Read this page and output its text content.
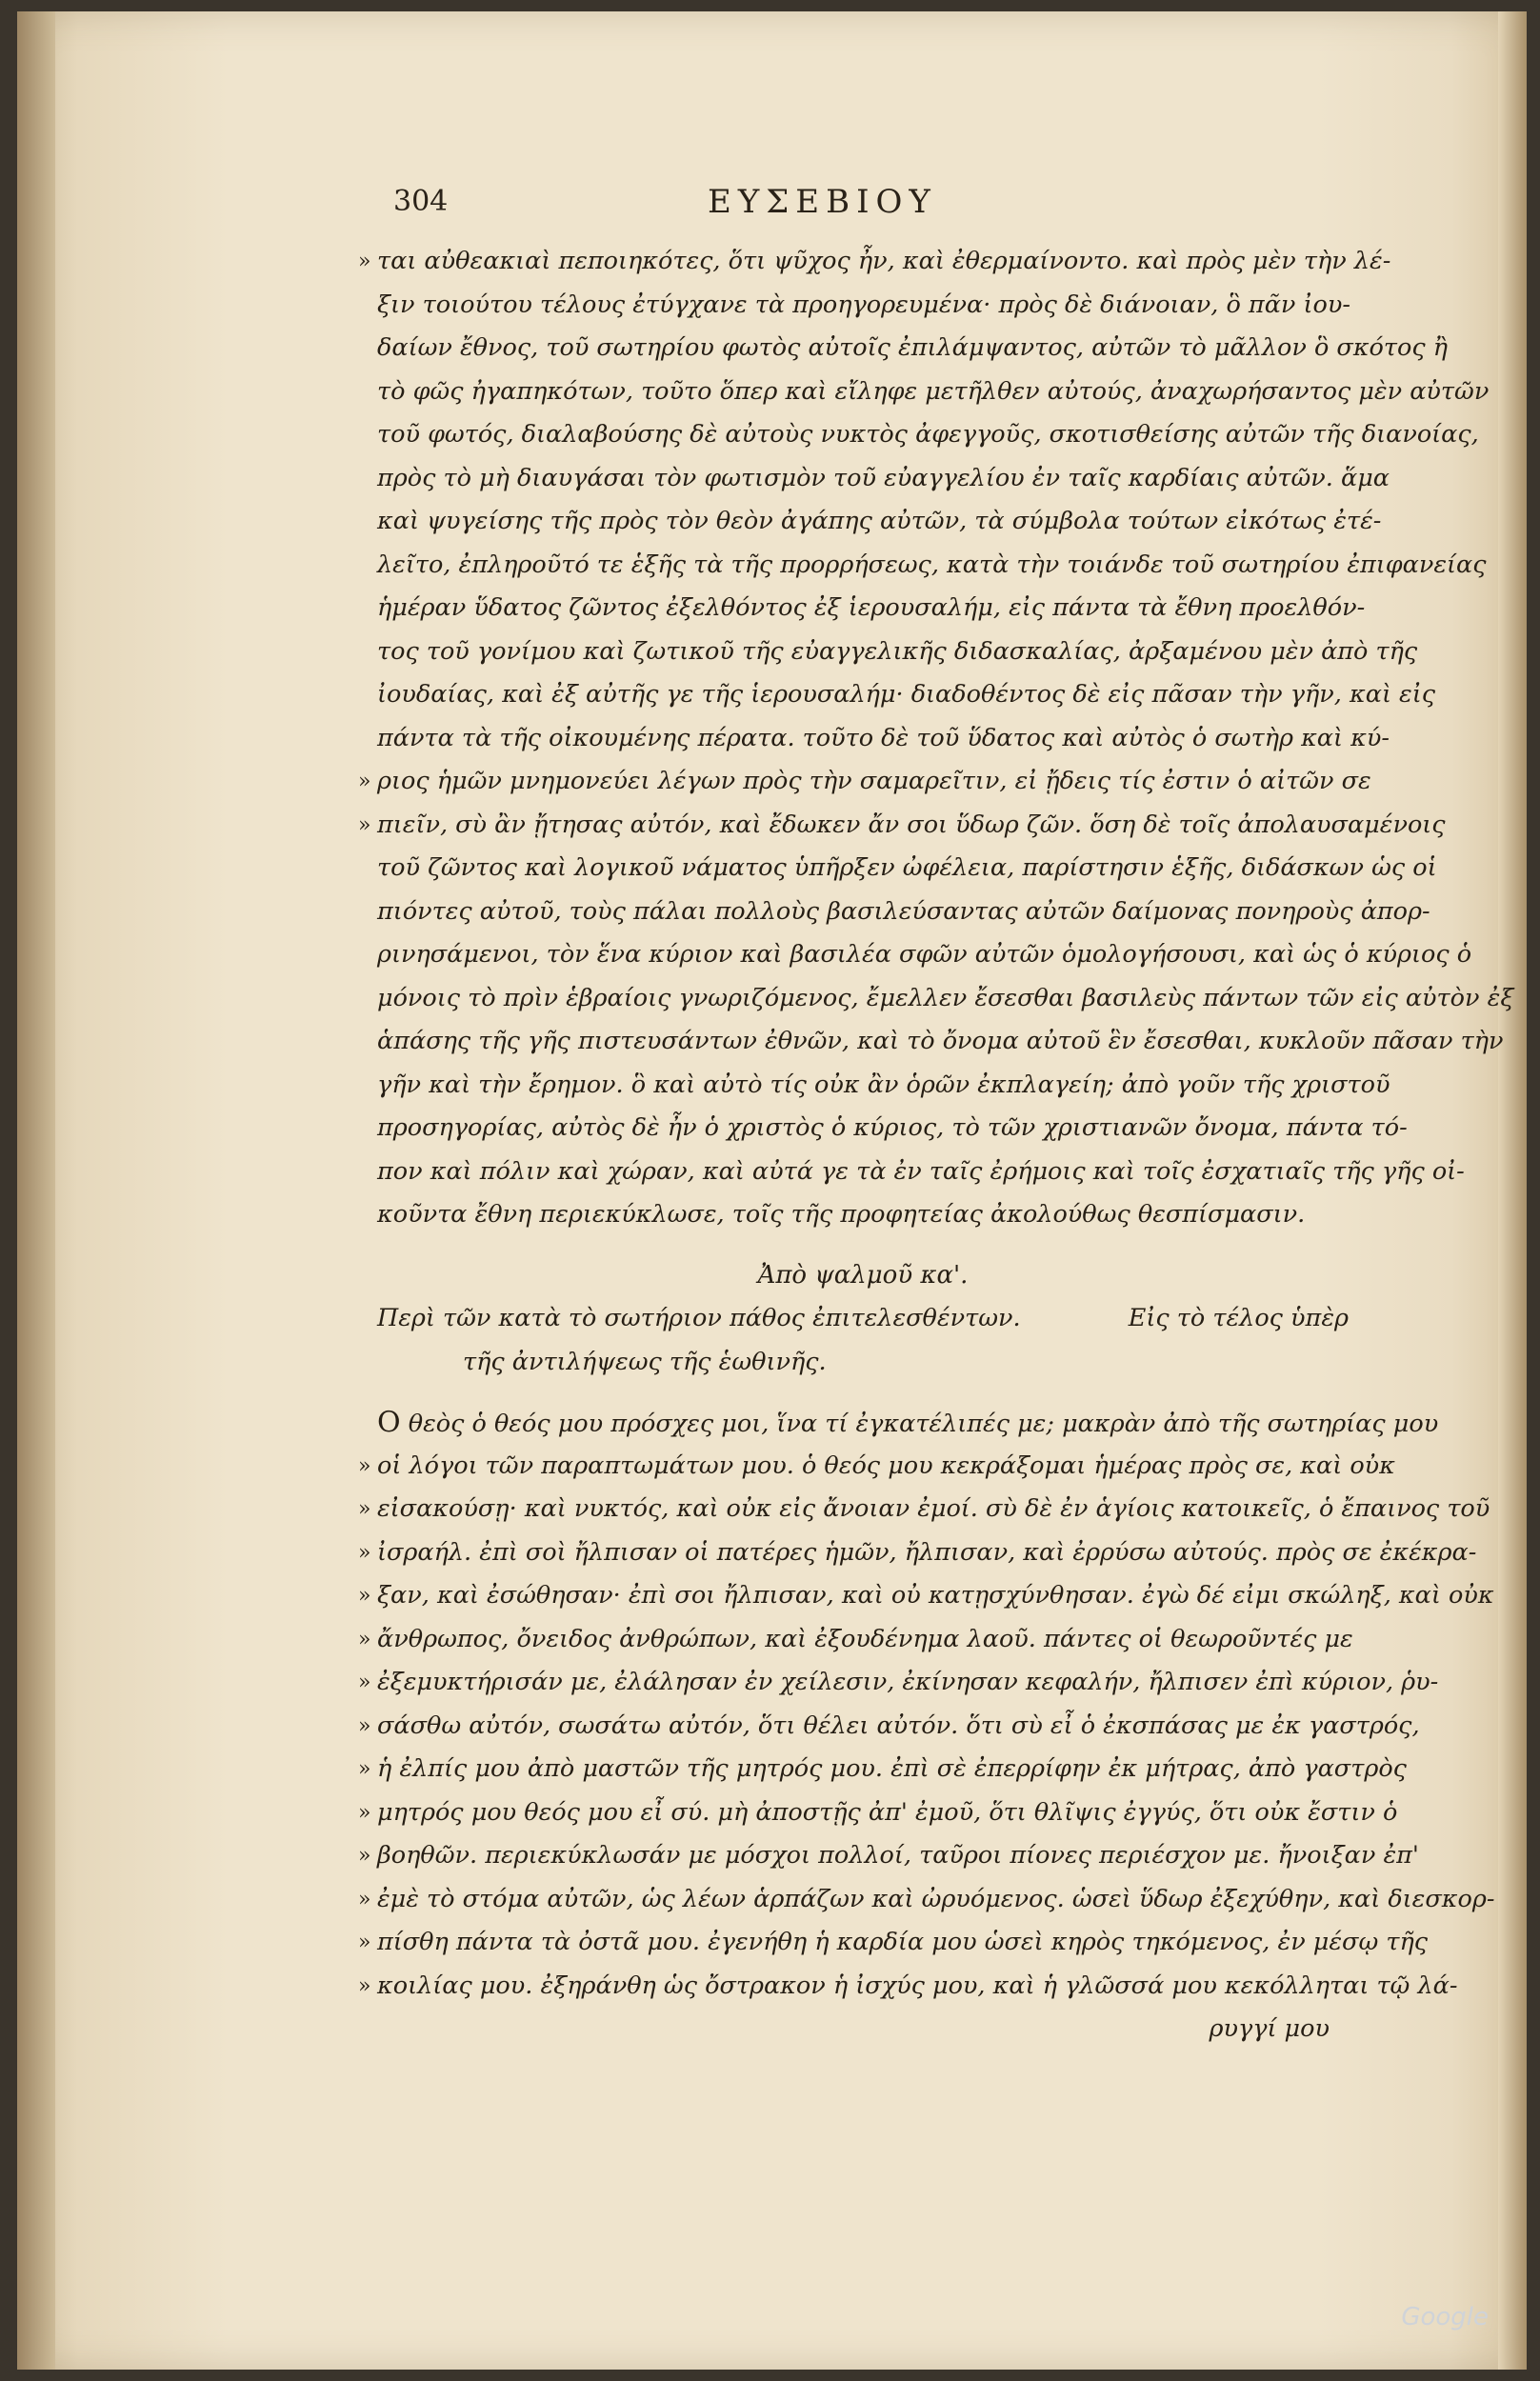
304	ΕΥΣΕΒΙΟΥ
» ται αὐθεακιαὶ πεποιηκότες, ὅτι ψῦχος ἦν, καὶ ἐθερμαίνοντο. καὶ πρὸς μὲν τὴν λέ-
ξιν τοιούτου τέλους ἐτύγχανε τὰ προηγορευμένα· πρὸς δὲ διάνοιαν, ὃ πᾶν ἰου-
δαίων ἔθνος, τοῦ σωτηρίου φωτὸς αὐτοῖς ἐπιλάμψαντος, αὐτῶν τὸ μᾶλλον ὃ σκότος ἢ
τὸ φῶς ἠγαπηκότων, τοῦτο ὅπερ καὶ εἴληφε μετῆλθεν αὐτούς, ἀναχωρήσαντος μὲν αὐτῶν
τοῦ φωτός, διαλαβούσης δὲ αὐτοὺς νυκτὸς ἀφεγγοῦς, σκοτισθείσης αὐτῶν τῆς διανοίας,
πρὸς τὸ μὴ διαυγάσαι τὸν φωτισμὸν τοῦ εὐαγγελίου ἐν ταῖς καρδίαις αὐτῶν. ἅμα
καὶ ψυγείσης τῆς πρὸς τὸν θεὸν ἀγάπης αὐτῶν, τὰ σύμβολα τούτων εἰκότως ἐτέ-
λεῖτο, ἐπληροῦτό τε ἑξῆς τὰ τῆς προρρήσεως, κατὰ τὴν τοιάνδε τοῦ σωτηρίου ἐπιφανείας
ἡμέραν ὕδατος ζῶντος ἐξελθόντος ἐξ ἱερουσαλήμ, εἰς πάντα τὰ ἔθνη προελθόν-
τος τοῦ γονίμου καὶ ζωτικοῦ τῆς εὐαγγελικῆς διδασκαλίας, ἀρξαμένου μὲν ἀπὸ τῆς
ἰουδαίας, καὶ ἐξ αὐτῆς γε τῆς ἱερουσαλήμ· διαδοθέντος δὲ εἰς πᾶσαν τὴν γῆν, καὶ εἰς
πάντα τὰ τῆς οἰκουμένης πέρατα. τοῦτο δὲ τοῦ ὕδατος καὶ αὐτὸς ὁ σωτὴρ καὶ κύ-
» ριος ἡμῶν μνημονεύει λέγων πρὸς τὴν σαμαρεῖτιν, εἰ ᾔδεις τίς ἐστιν ὁ αἰτῶν σε
» πιεῖν, σὺ ἂν ᾔτησας αὐτόν, καὶ ἔδωκεν ἄν σοι ὕδωρ ζῶν. ὅση δὲ τοῖς ἀπολαυσαμένοις
τοῦ ζῶντος καὶ λογικοῦ νάματος ὑπῆρξεν ὠφέλεια, παρίστησιν ἑξῆς, διδάσκων ὡς οἱ
πιόντες αὐτοῦ, τοὺς πάλαι πολλοὺς βασιλεύσαντας αὐτῶν δαίμονας πονηροὺς ἀπορ-
ρινησάμενοι, τὸν ἕνα κύριον καὶ βασιλέα σφῶν αὐτῶν ὁμολογήσουσι, καὶ ὡς ὁ κύριος ὁ
μόνοις τὸ πρὶν ἑβραίοις γνωριζόμενος, ἔμελλεν ἔσεσθαι βασιλεὺς πάντων τῶν εἰς αὐτὸν ἐξ
ἁπάσης τῆς γῆς πιστευσάντων ἐθνῶν, καὶ τὸ ὄνομα αὐτοῦ ἓν ἔσεσθαι, κυκλοῦν πᾶσαν τὴν
γῆν καὶ τὴν ἔρημον. ὃ καὶ αὐτὸ τίς οὐκ ἂν ὁρῶν ἐκπλαγείη; ἀπὸ γοῦν τῆς χριστοῦ
προσηγορίας, αὐτὸς δὲ ἦν ὁ χριστὸς ὁ κύριος, τὸ τῶν χριστιανῶν ὄνομα, πάντα τό-
πον καὶ πόλιν καὶ χώραν, καὶ αὐτά γε τὰ ἐν ταῖς ἐρήμοις καὶ τοῖς ἐσχατιαῖς τῆς γῆς οἰ-
κοῦντα ἔθνη περιεκύκλωσε, τοῖς τῆς προφητείας ἀκολούθως θεσπίσμασιν.
Ἀπὸ ψαλμοῦ κα'.
Περὶ τῶν κατὰ τὸ σωτήριον πάθος ἐπιτελεσθέντων.	Εἰς τὸ τέλος ὑπὲρ
τῆς ἀντιλήψεως τῆς ἑωθινῆς.
Ο θεὸς ὁ θεός μου πρόσχες μοι, ἵνα τί ἐγκατέλιπές με; μακρὰν ἀπὸ τῆς σωτηρίας μου
» οἱ λόγοι τῶν παραπτωμάτων μου. ὁ θεός μου κεκράξομαι ἡμέρας πρὸς σε, καὶ οὐκ
» εἰσακούσῃ· καὶ νυκτός, καὶ οὐκ εἰς ἄνοιαν ἐμοί. σὺ δὲ ἐν ἁγίοις κατοικεῖς, ὁ ἔπαινος τοῦ
» ἰσραήλ. ἐπὶ σοὶ ἤλπισαν οἱ πατέρες ἡμῶν, ἤλπισαν, καὶ ἐρρύσω αὐτούς. πρὸς σε ἐκέκρα-
» ξαν, καὶ ἐσώθησαν· ἐπὶ σοι ἤλπισαν, καὶ οὐ κατῃσχύνθησαν. ἐγὼ δέ εἰμι σκώληξ, καὶ οὐκ
» ἄνθρωπος, ὄνειδος ἀνθρώπων, καὶ ἐξουδένημα λαοῦ. πάντες οἱ θεωροῦντές με
» ἐξεμυκτήρισάν με, ἐλάλησαν ἐν χείλεσιν, ἐκίνησαν κεφαλήν, ἤλπισεν ἐπὶ κύριον, ῥυ-
» σάσθω αὐτόν, σωσάτω αὐτόν, ὅτι θέλει αὐτόν. ὅτι σὺ εἶ ὁ ἐκσπάσας με ἐκ γαστρός,
» ἡ ἐλπίς μου ἀπὸ μαστῶν τῆς μητρός μου. ἐπὶ σὲ ἐπερρίφην ἐκ μήτρας, ἀπὸ γαστρὸς
» μητρός μου θεός μου εἶ σύ. μὴ ἀποστῇς ἀπ' ἐμοῦ, ὅτι θλῖψις ἐγγύς, ὅτι οὐκ ἔστιν ὁ
» βοηθῶν. περιεκύκλωσάν με μόσχοι πολλοί, ταῦροι πίονες περιέσχον με. ἤνοιξαν ἐπ'
» ἐμὲ τὸ στόμα αὐτῶν, ὡς λέων ἁρπάζων καὶ ὠρυόμενος. ὡσεὶ ὕδωρ ἐξεχύθην, καὶ διεσκορ-
» πίσθη πάντα τὰ ὀστᾶ μου. ἐγενήθη ἡ καρδία μου ὡσεὶ κηρὸς τηκόμενος, ἐν μέσῳ τῆς
» κοιλίας μου. ἐξηράνθη ὡς ὄστρακον ἡ ἰσχύς μου, καὶ ἡ γλῶσσά μου κεκόλληται τῷ λά-
ρυγγί μου
Google
